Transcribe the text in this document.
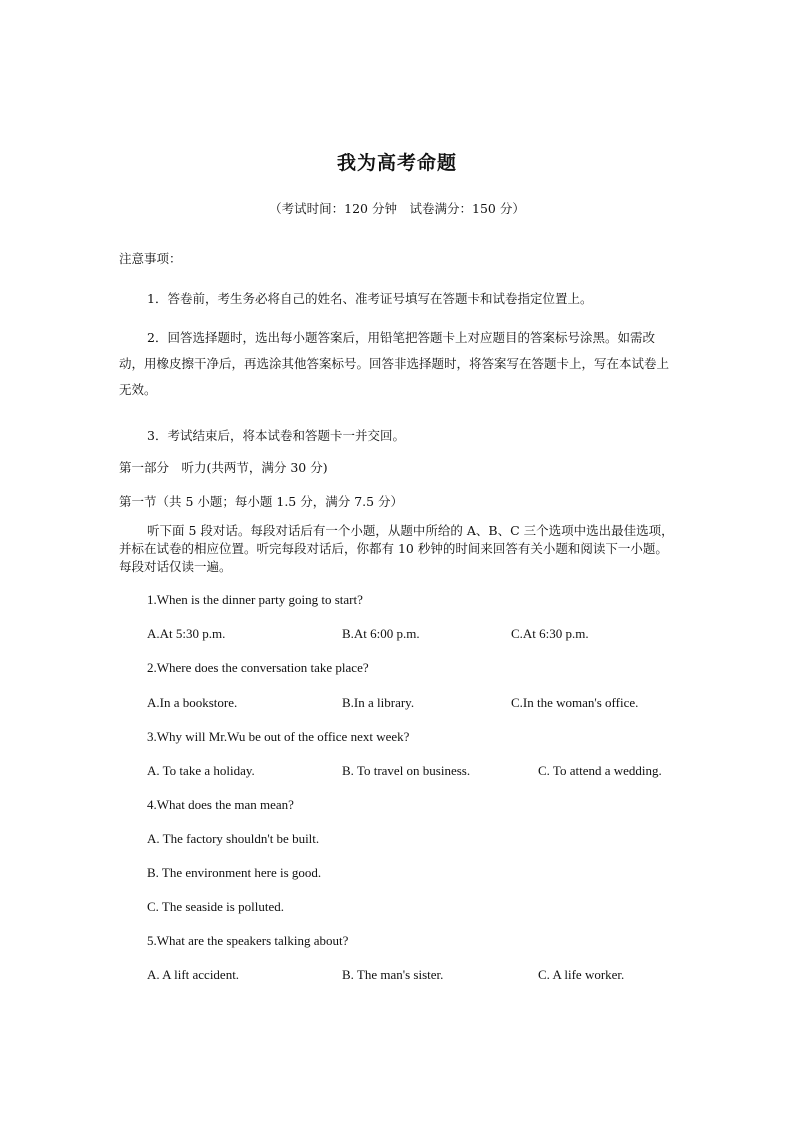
我为高考命题
（考试时间：120 分钟　试卷满分：150 分）
注意事项：
1．答卷前，考生务必将自己的姓名、准考证号填写在答题卡和试卷指定位置上。
2．回答选择题时，选出每小题答案后，用铅笔把答题卡上对应题目的答案标号涂黑。如需改动，用橡皮擦干净后，再选涂其他答案标号。回答非选择题时，将答案写在答题卡上，写在本试卷上无效。
3．考试结束后，将本试卷和答题卡一并交回。
第一部分　听力(共两节，满分 30 分)
第一节（共 5 小题；每小题 1.5 分，满分 7.5 分）
听下面 5 段对话。每段对话后有一个小题，从题中所给的 A、B、C 三个选项中选出最佳选项，并标在试卷的相应位置。听完每段对话后，你都有 10 秒钟的时间来回答有关小题和阅读下一小题。每段对话仅读一遍。
1.When is the dinner party going to start?
A.At 5:30 p.m.	B.At 6:00 p.m.	C.At 6:30 p.m.
2.Where does the conversation take place?
A.In a bookstore.	B.In a library.	C.In the woman's office.
3.Why will Mr.Wu be out of the office next week?
A. To take a holiday.	B. To travel on business.	C. To attend a wedding.
4.What does the man mean?
A. The factory shouldn't be built.
B. The environment here is good.
C. The seaside is polluted.
5.What are the speakers talking about?
A. A lift accident.	B. The man's sister.	C. A life worker.
